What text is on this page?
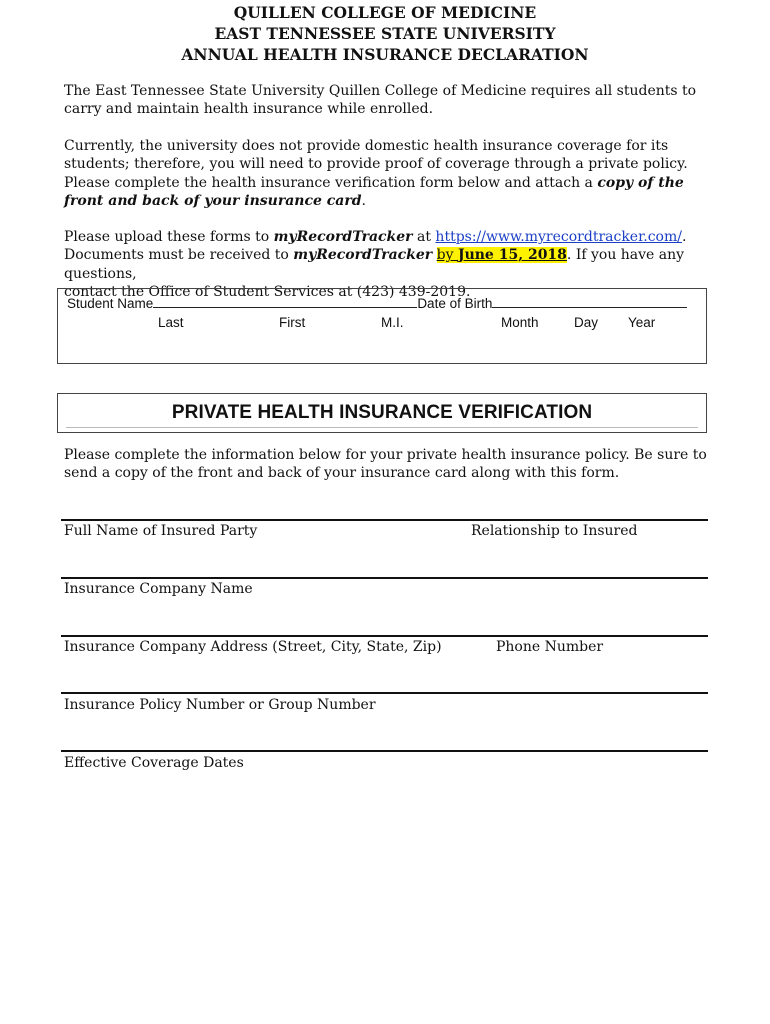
QUILLEN COLLEGE OF MEDICINE
EAST TENNESSEE STATE UNIVERSITY
ANNUAL HEALTH INSURANCE DECLARATION
The East Tennessee State University Quillen College of Medicine requires all students to carry and maintain health insurance while enrolled.
Currently, the university does not provide domestic health insurance coverage for its students; therefore, you will need to provide proof of coverage through a private policy. Please complete the health insurance verification form below and attach a copy of the front and back of your insurance card.
Please upload these forms to myRecordTracker at https://www.myrecordtracker.com/.
Documents must be received to myRecordTracker by June 15, 2018. If you have any questions,
contact the Office of Student Services at (423) 439-2019.
Student Name	Date of Birth
Last	First	M.I.	Month	Day Year
PRIVATE HEALTH INSURANCE VERIFICATION
Please complete the information below for your private health insurance policy. Be sure to send a copy of the front and back of your insurance card along with this form.
Full Name of Insured Party	Relationship to Insured
Insurance Company Name
Insurance Company Address (Street, City, State, Zip)	Phone Number
Insurance Policy Number or Group Number
Effective Coverage Dates
